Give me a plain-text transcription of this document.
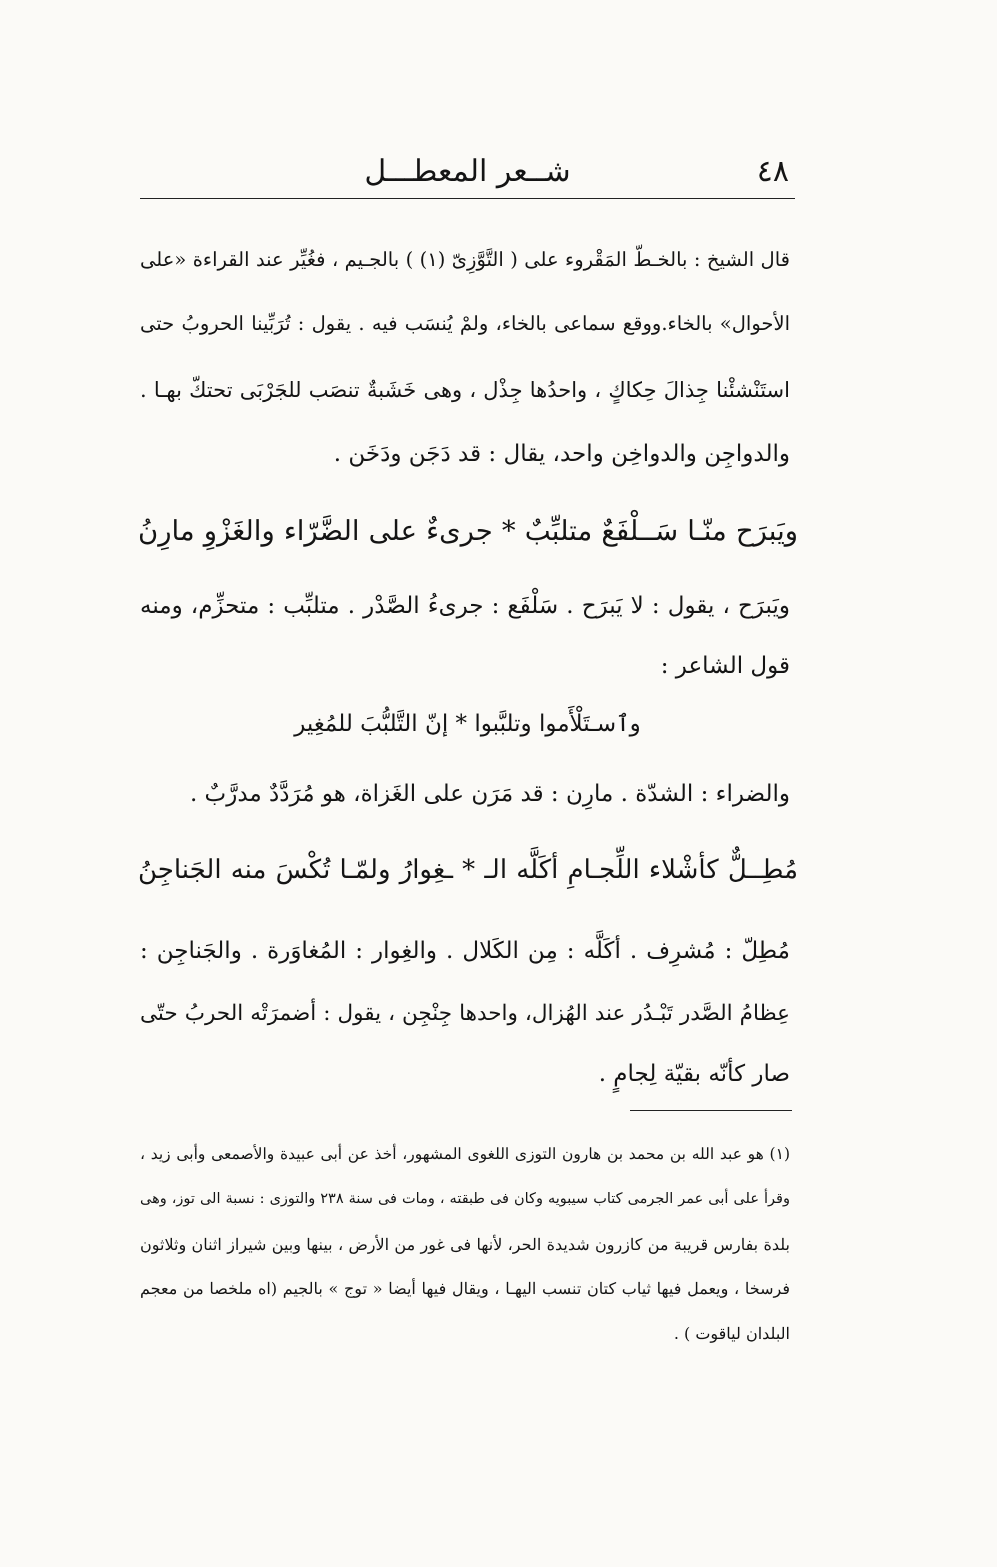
٤٨
شــعر المعطـــل
قال الشيخ : بالخـطّ المَقْروء على ( التَّوَّزِىّ (١) ) بالجـيم ، فغُيِّر عند القراءة «على
الأحوال» بالخاء.ووقع سماعى بالخاء، ولمْ يُنسَب فيه . يقول : تُرَبِّينا الحروبُ حتى
استَنْشئْنا جِذالَ حِكاكٍ ، واحدُها جِذْل ، وهى خَشَبةٌ تنصَب للجَرْبَى تحتكّ بهـا .
والدواجِن والدواخِن واحد، يقال : قد دَجَن ودَخَن .
ويَبرَح منّـا سَــلْفَعٌ متلبِّبٌ * جرىءٌ على الضَّرّاء والغَزْوِ مارِنُ
ويَبرَح ، يقول : لا يَبرَح . سَلْفَع : جرىءُ الصَّدْر . متلبِّب : متحزِّم، ومنه
قول الشاعر :
وٱسـتَلْأَموا وتلبَّبوا * إنّ التَّلبُّبَ للمُغِير
والضراء : الشدّة . مارِن : قد مَرَن على الغَزاة، هو مُرَدَّدٌ مدرَّبٌ .
مُطِــلٌّ كأشْلاء اللِّجـامِ أكَلَّه الـ * ـغِوارُ ولمّـا تُكْسَ منه الجَناجِنُ
مُطِلّ : مُشرِف . أكَلَّه : مِن الكَلال . والغِوار : المُغاوَرة . والجَناجِن :
عِظامُ الصَّدر تَبْـدُر عند الهُزال، واحدها جِنْجِن ، يقول : أضمرَتْه الحربُ حتّى
صار كأنّه بقيّة لِجامٍ .
(١) هو عبد الله بن محمد بن هارون التوزى اللغوى المشهور، أخذ عن أبى عبيدة والأصمعى وأبى زيد ،
وقرأ على أبى عمر الجرمى كتاب سيبويه وكان فى طبقته ، ومات فى سنة ٢٣٨ والتوزى : نسبة الى توز، وهى
بلدة بفارس قريبة من كازرون شديدة الحر، لأنها فى غور من الأرض ، بينها وبين شيراز اثنان وثلاثون
فرسخا ، ويعمل فيها ثياب كتان تنسب اليهـا ، ويقال فيها أيضا « توج » بالجيم (اه ملخصا من معجم
البلدان لياقوت ) .
